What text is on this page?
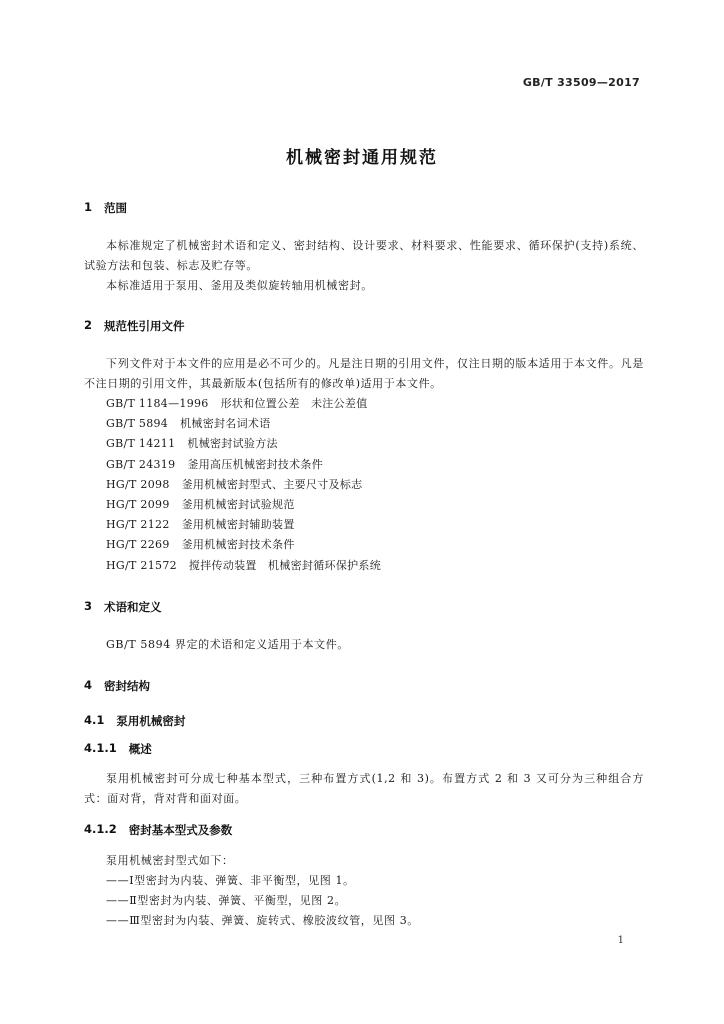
GB/T 33509—2017
机械密封通用规范
1 范围

本标准规定了机械密封术语和定义、密封结构、设计要求、材料要求、性能要求、循环保护(支持)系统、试验方法和包装、标志及贮存等。

本标准适用于泵用、釜用及类似旋转轴用机械密封。

2 规范性引用文件

下列文件对于本文件的应用是必不可少的。凡是注日期的引用文件，仅注日期的版本适用于本文件。凡是不注日期的引用文件，其最新版本(包括所有的修改单)适用于本文件。

GB/T 1184—1996 形状和位置公差　未注公差值
GB/T 5894 机械密封名词术语
GB/T 14211 机械密封试验方法
GB/T 24319 釜用高压机械密封技术条件
HG/T 2098 釜用机械密封型式、主要尺寸及标志
HG/T 2099 釜用机械密封试验规范
HG/T 2122 釜用机械密封辅助装置
HG/T 2269 釜用机械密封技术条件
HG/T 21572 搅拌传动装置　机械密封循环保护系统
3 术语和定义

GB/T 5894 界定的术语和定义适用于本文件。

4 密封结构
4.1 泵用机械密封
4.1.1 概述

泵用机械密封可分成七种基本型式，三种布置方式(1,2 和 3)。布置方式 2 和 3 又可分为三种组合方式：面对背，背对背和面对面。

4.1.2 密封基本型式及参数

泵用机械密封型式如下：

——Ⅰ型密封为内装、弹簧、非平衡型，见图 1。
——Ⅱ型密封为内装、弹簧、平衡型，见图 2。
——Ⅲ型密封为内装、弹簧、旋转式、橡胶波纹管，见图 3。
1
